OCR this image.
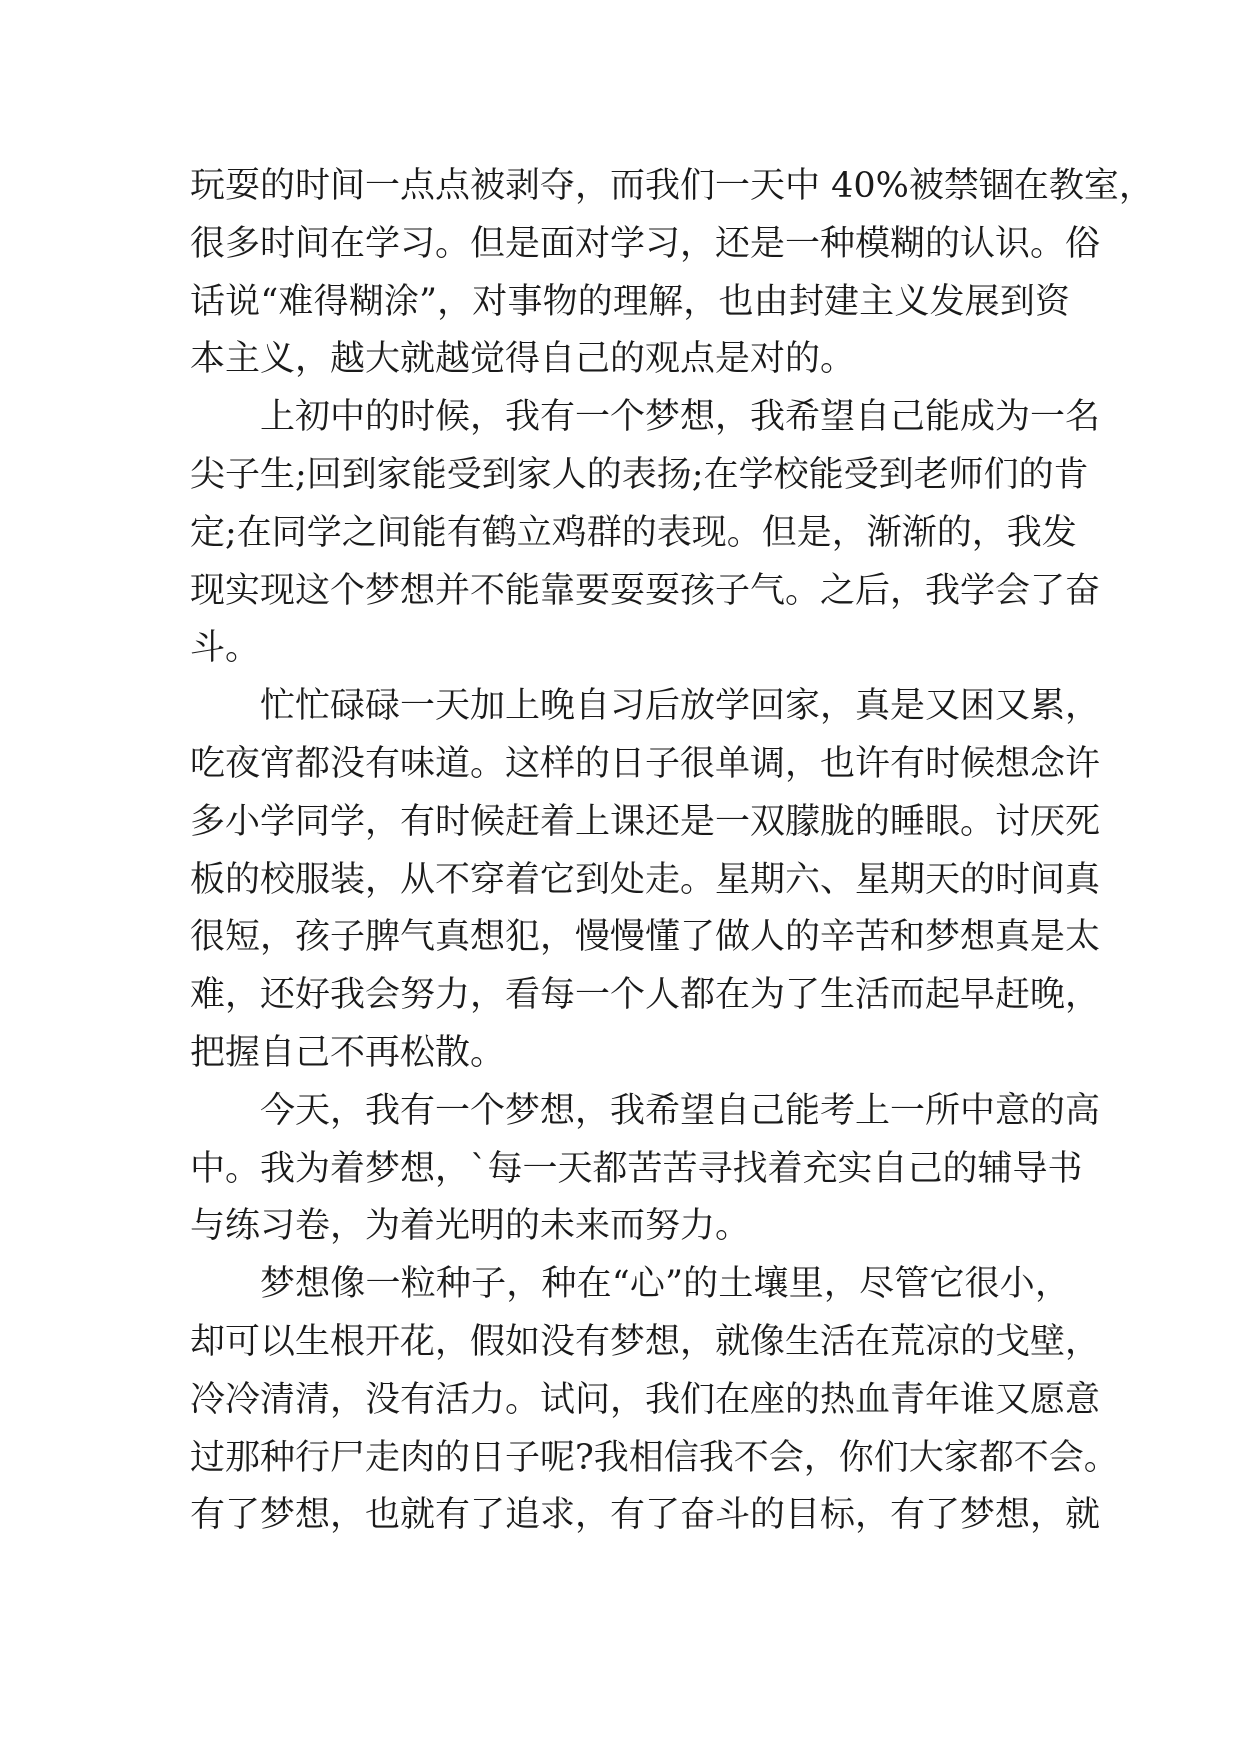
玩耍的时间一点点被剥夺，而我们一天中 40%被禁锢在教室，
很多时间在学习。但是面对学习，还是一种模糊的认识。俗
话说“难得糊涂”，对事物的理解，也由封建主义发展到资
本主义，越大就越觉得自己的观点是对的。
上初中的时候，我有一个梦想，我希望自己能成为一名
尖子生;回到家能受到家人的表扬;在学校能受到老师们的肯
定;在同学之间能有鹤立鸡群的表现。但是，渐渐的，我发
现实现这个梦想并不能靠要耍耍孩子气。之后，我学会了奋
斗。
忙忙碌碌一天加上晚自习后放学回家，真是又困又累，
吃夜宵都没有味道。这样的日子很单调，也许有时候想念许
多小学同学，有时候赶着上课还是一双朦胧的睡眼。讨厌死
板的校服装，从不穿着它到处走。星期六、星期天的时间真
很短，孩子脾气真想犯，慢慢懂了做人的辛苦和梦想真是太
难，还好我会努力，看每一个人都在为了生活而起早赶晚，
把握自己不再松散。
今天，我有一个梦想，我希望自己能考上一所中意的高
中。我为着梦想，`每一天都苦苦寻找着充实自己的辅导书
与练习卷，为着光明的未来而努力。
梦想像一粒种子，种在“心”的土壤里，尽管它很小，
却可以生根开花，假如没有梦想，就像生活在荒凉的戈壁，
冷冷清清，没有活力。试问，我们在座的热血青年谁又愿意
过那种行尸走肉的日子呢?我相信我不会，你们大家都不会。
有了梦想，也就有了追求，有了奋斗的目标，有了梦想，就
